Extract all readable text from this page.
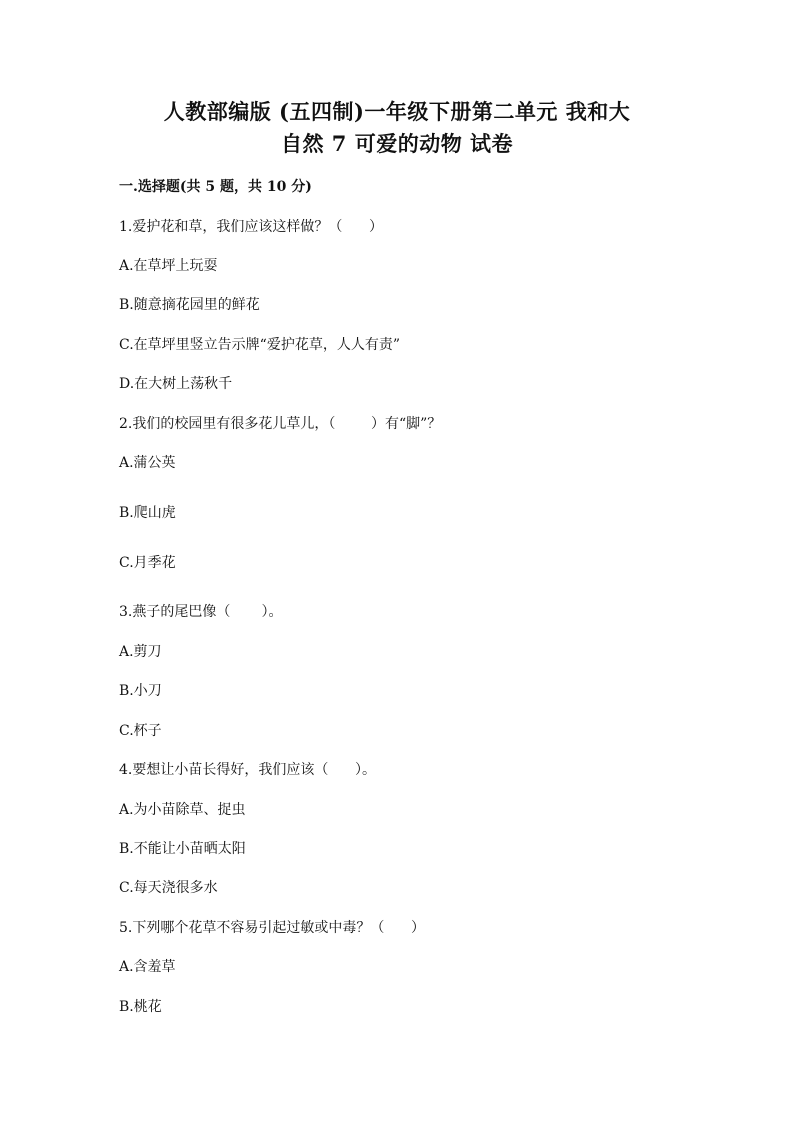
人教部编版 (五四制)一年级下册第二单元 我和大
自然 7 可爱的动物 试卷
一.选择题(共 5 题，共 10 分)
1.爱护花和草，我们应该这样做？（      ）
A.在草坪上玩耍
B.随意摘花园里的鲜花
C.在草坪里竖立告示牌“爱护花草，人人有责”
D.在大树上荡秋千
2.我们的校园里有很多花儿草儿，（        ）有“脚”？
A.蒲公英
B.爬山虎
C.月季花
3.燕子的尾巴像（       ）。
A.剪刀
B.小刀
C.杯子
4.要想让小苗长得好，我们应该（      ）。
A.为小苗除草、捉虫
B.不能让小苗晒太阳
C.每天浇很多水
5.下列哪个花草不容易引起过敏或中毒？（      ）
A.含羞草
B.桃花
